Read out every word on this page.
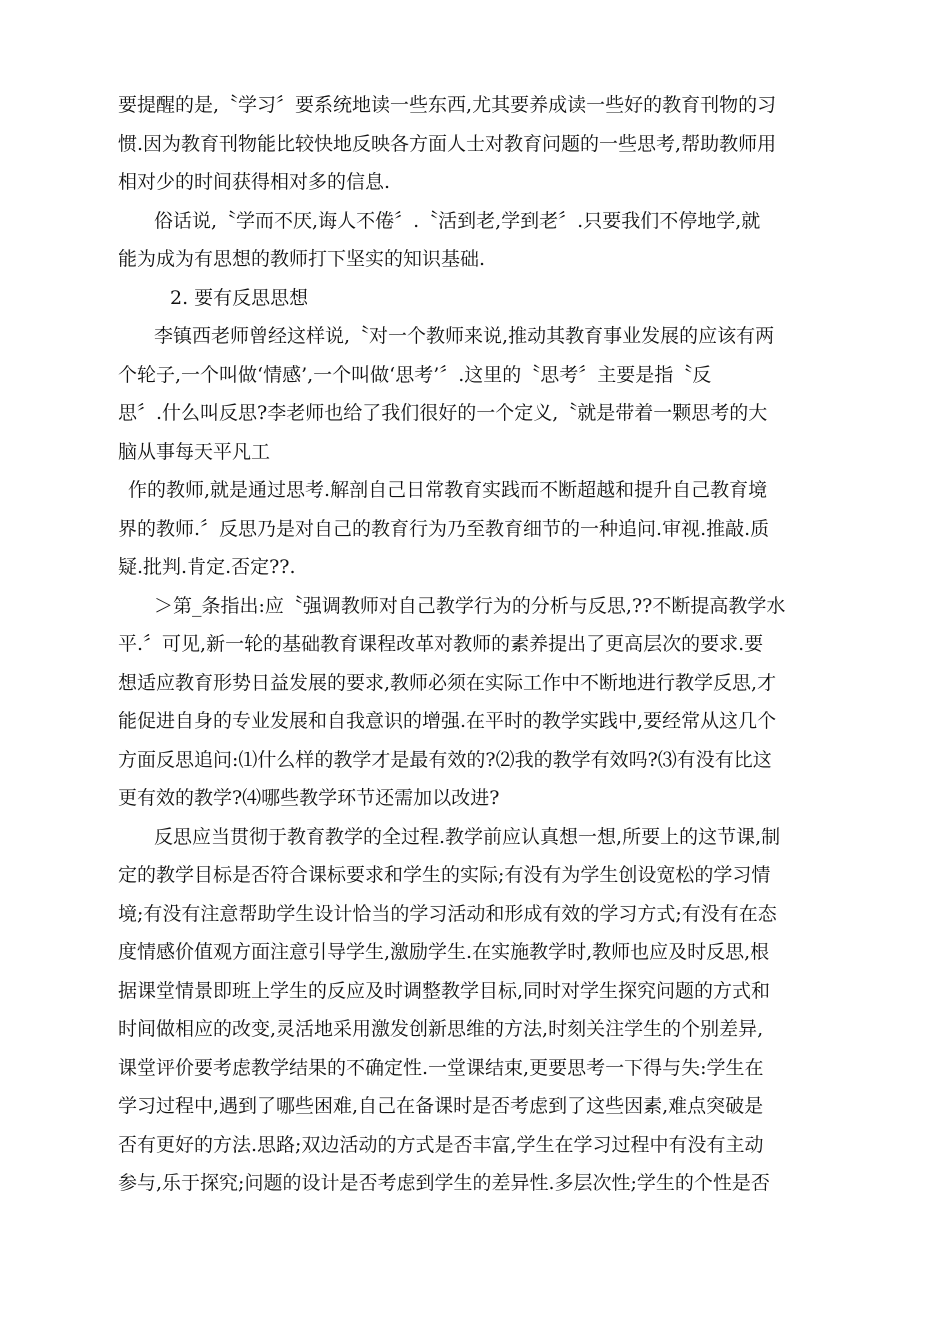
要提醒的是,〝学习〞要系统地读一些东西,尤其要养成读一些好的教育刊物的习
惯.因为教育刊物能比较快地反映各方面人士对教育问题的一些思考,帮助教师用
相对少的时间获得相对多的信息.
俗话说,〝学而不厌,诲人不倦〞.〝活到老,学到老〞.只要我们不停地学,就
能为成为有思想的教师打下坚实的知识基础.
2. 要有反思思想
李镇西老师曾经这样说,〝对一个教师来说,推动其教育事业发展的应该有两
个轮子,一个叫做‘情感’,一个叫做‘思考’〞.这里的〝思考〞主要是指〝反
思〞.什么叫反思?李老师也给了我们很好的一个定义,〝就是带着一颗思考的大
脑从事每天平凡工
作的教师,就是通过思考.解剖自己日常教育实践而不断超越和提升自己教育境
界的教师.〞反思乃是对自己的教育行为乃至教育细节的一种追问.审视.推敲.质
疑.批判.肯定.否定??.
＞第_条指出:应〝强调教师对自己教学行为的分析与反思,??不断提高教学水
平.〞可见,新一轮的基础教育课程改革对教师的素养提出了更高层次的要求.要
想适应教育形势日益发展的要求,教师必须在实际工作中不断地进行教学反思,才
能促进自身的专业发展和自我意识的增强.在平时的教学实践中,要经常从这几个
方面反思追问:⑴什么样的教学才是最有效的?⑵我的教学有效吗?⑶有没有比这
更有效的教学?⑷哪些教学环节还需加以改进?
反思应当贯彻于教育教学的全过程.教学前应认真想一想,所要上的这节课,制
定的教学目标是否符合课标要求和学生的实际;有没有为学生创设宽松的学习情
境;有没有注意帮助学生设计恰当的学习活动和形成有效的学习方式;有没有在态
度情感价值观方面注意引导学生,激励学生.在实施教学时,教师也应及时反思,根
据课堂情景即班上学生的反应及时调整教学目标,同时对学生探究问题的方式和
时间做相应的改变,灵活地采用激发创新思维的方法,时刻关注学生的个别差异,
课堂评价要考虑教学结果的不确定性.一堂课结束,更要思考一下得与失:学生在
学习过程中,遇到了哪些困难,自己在备课时是否考虑到了这些因素,难点突破是
否有更好的方法.思路;双边活动的方式是否丰富,学生在学习过程中有没有主动
参与,乐于探究;问题的设计是否考虑到学生的差异性.多层次性;学生的个性是否
